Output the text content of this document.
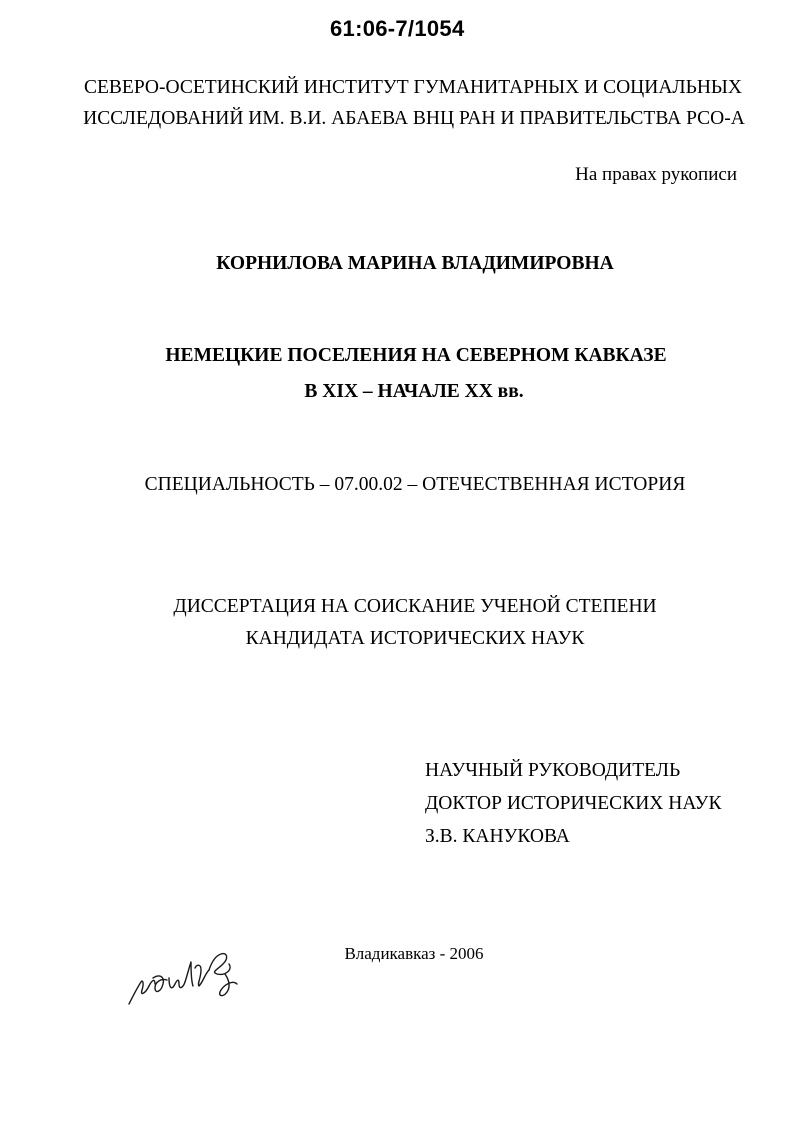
61:06-7/1054
СЕВЕРО-ОСЕТИНСКИЙ ИНСТИТУТ ГУМАНИТАРНЫХ И СОЦИАЛЬНЫХ
ИССЛЕДОВАНИЙ ИМ. В.И. АБАЕВА ВНЦ РАН И ПРАВИТЕЛЬСТВА РСО-А
На правах рукописи
КОРНИЛОВА МАРИНА ВЛАДИМИРОВНА
НЕМЕЦКИЕ ПОСЕЛЕНИЯ НА СЕВЕРНОМ КАВКАЗЕ
В XIX – НАЧАЛЕ XX вв.
СПЕЦИАЛЬНОСТЬ – 07.00.02 – ОТЕЧЕСТВЕННАЯ ИСТОРИЯ
ДИССЕРТАЦИЯ НА СОИСКАНИЕ УЧЕНОЙ СТЕПЕНИ
КАНДИДАТА ИСТОРИЧЕСКИХ НАУК
НАУЧНЫЙ РУКОВОДИТЕЛЬ
ДОКТОР ИСТОРИЧЕСКИХ НАУК
З.В. КАНУКОВА
Владикавказ - 2006
